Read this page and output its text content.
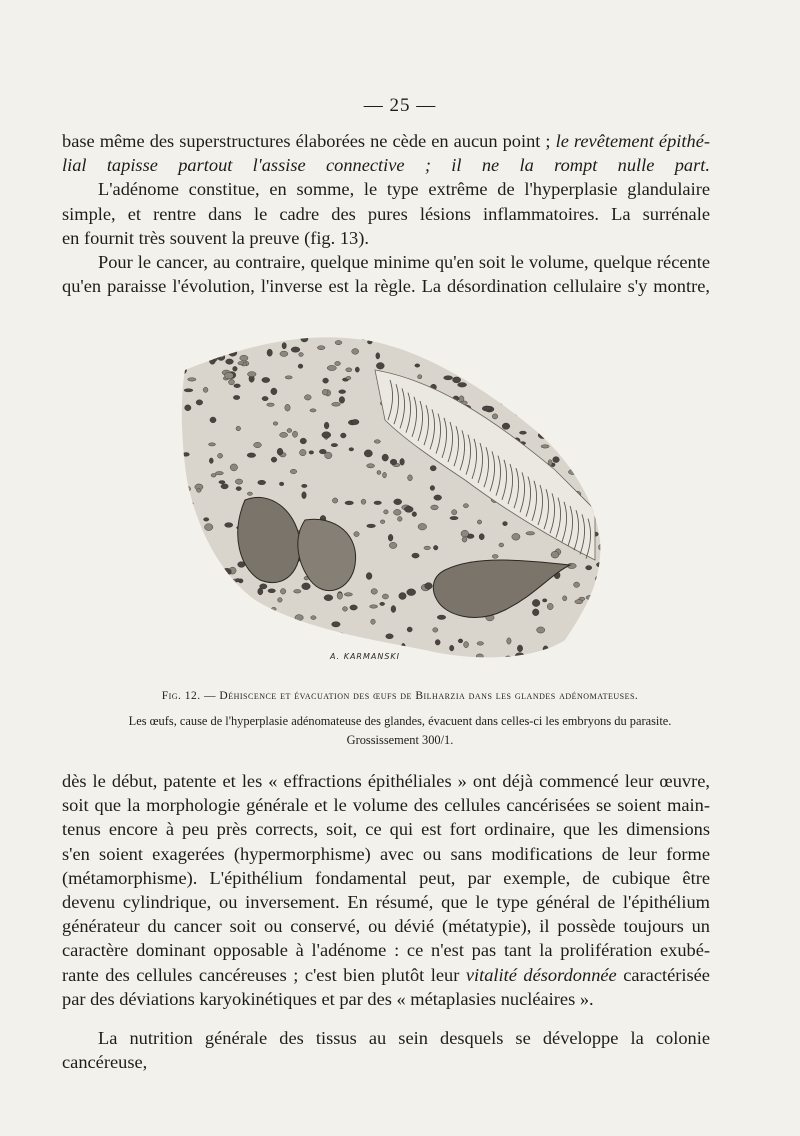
— 25 —
base même des superstructures élaborées ne cède en aucun point ; le revêtement épithé-
lial tapisse partout l'assise connective ; il ne la rompt nulle part.
L'adénome constitue, en somme, le type extrême de l'hyperplasie glandulaire
simple, et rentre dans le cadre des pures lésions inflammatoires. La surrénale
en fournit très souvent la preuve (fig. 13).
Pour le cancer, au contraire, quelque minime qu'en soit le volume, quelque récente
qu'en paraisse l'évolution, l'inverse est la règle. La désordination cellulaire s'y montre,
A. KARMANSKI
Fig. 12. — Déhiscence et évacuation des œufs de Bilharzia dans les glandes adénomateuses.
Les œufs, cause de l'hyperplasie adénomateuse des glandes, évacuent dans celles-ci les embryons du parasite.
Grossissement 300/1.
dès le début, patente et les « effractions épithéliales » ont déjà commencé leur œuvre,
soit que la morphologie générale et le volume des cellules cancérisées se soient main-
tenus encore à peu près corrects, soit, ce qui est fort ordinaire, que les dimensions
s'en soient exagerées (hypermorphisme) avec ou sans modifications de leur forme
(métamorphisme). L'épithélium fondamental peut, par exemple, de cubique être
devenu cylindrique, ou inversement. En résumé, que le type général de l'épithélium
générateur du cancer soit ou conservé, ou dévié (métatypie), il possède toujours un
caractère dominant opposable à l'adénome : ce n'est pas tant la prolifération exubé-
rante des cellules cancéreuses ; c'est bien plutôt leur vitalité désordonnée caractérisée
par des déviations karyokinétiques et par des « métaplasies nucléaires ».
La nutrition générale des tissus au sein desquels se développe la colonie cancéreuse,
